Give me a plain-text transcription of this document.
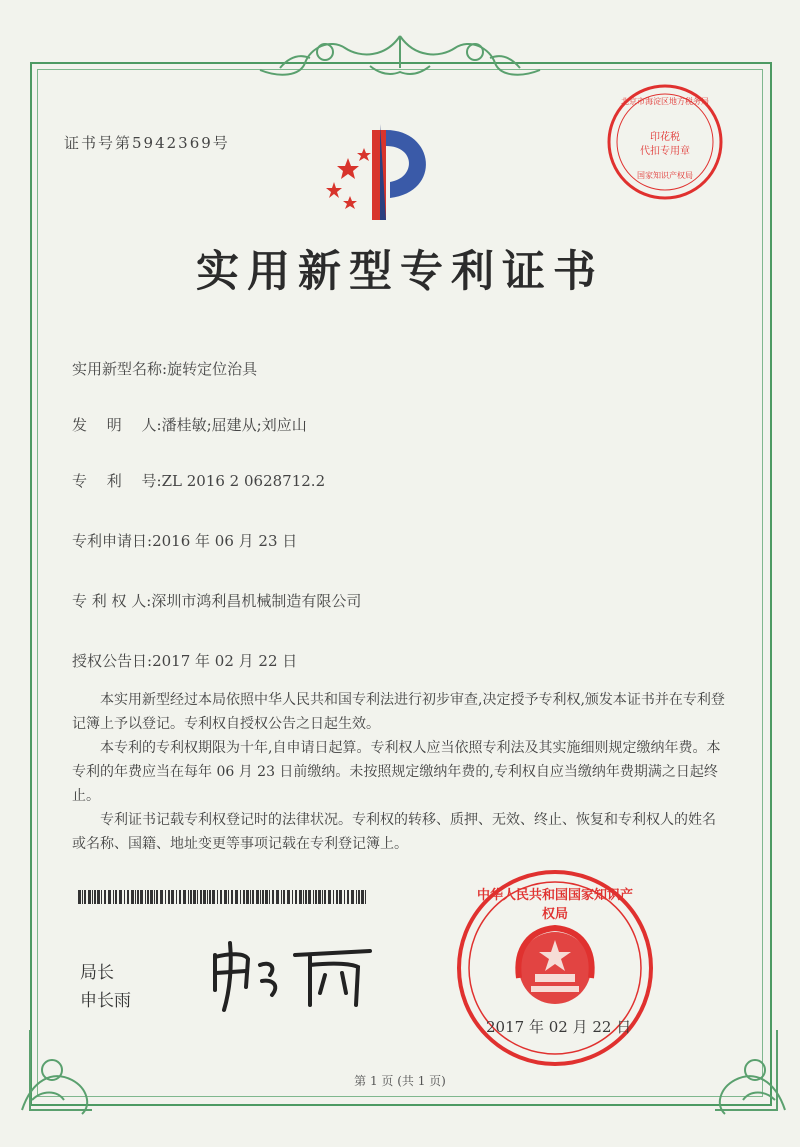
证书号第5942369号
北京市海淀区地方税务局
印花税
代扣专用章
国家知识产权局
实用新型专利证书
实用新型名称:旋转定位治具
发　 明　 人:潘桂敏;屈建从;刘应山
专　 利　 号:ZL 2016 2 0628712.2
专利申请日:2016 年 06 月 23 日
专 利 权 人:深圳市鸿利昌机械制造有限公司
授权公告日:2017 年 02 月 22 日

本实用新型经过本局依照中华人民共和国专利法进行初步审查,决定授予专利权,颁发本证书并在专利登记簿上予以登记。专利权自授权公告之日起生效。

本专利的专利权期限为十年,自申请日起算。专利权人应当依照专利法及其实施细则规定缴纳年费。本专利的年费应当在每年 06 月 23 日前缴纳。未按照规定缴纳年费的,专利权自应当缴纳年费期满之日起终止。

专利证书记载专利权登记时的法律状况。专利权的转移、质押、无效、终止、恢复和专利权人的姓名或名称、国籍、地址变更等事项记载在专利登记簿上。

局长
申长雨
中华人民共和国国家知识产权局
2017 年 02 月 22 日
第 1 页 (共 1 页)
